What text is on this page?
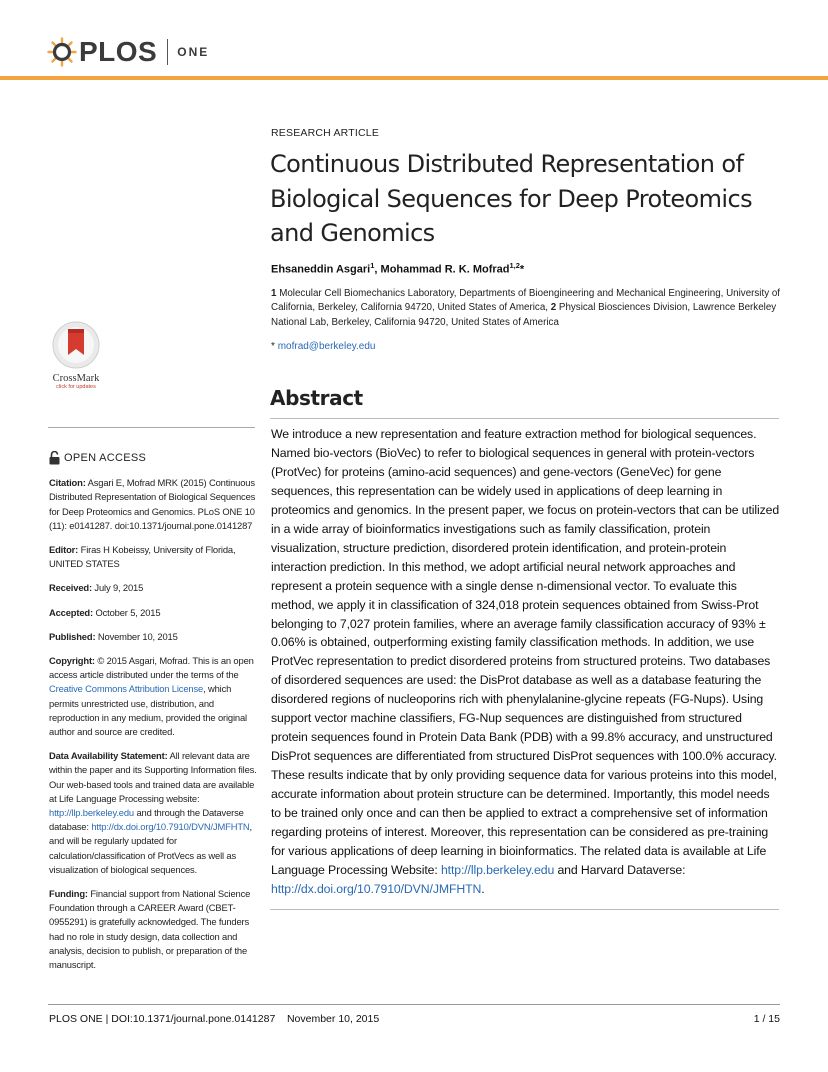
PLOS ONE
CrossMark
click for updates
OPEN ACCESS

Citation: Asgari E, Mofrad MRK (2015) Continuous Distributed Representation of Biological Sequences for Deep Proteomics and Genomics. PLoS ONE 10 (11): e0141287. doi:10.1371/journal.pone.0141287

Editor: Firas H Kobeissy, University of Florida, UNITED STATES

Received: July 9, 2015

Accepted: October 5, 2015

Published: November 10, 2015

Copyright: © 2015 Asgari, Mofrad. This is an open access article distributed under the terms of the Creative Commons Attribution License, which permits unrestricted use, distribution, and reproduction in any medium, provided the original author and source are credited.

Data Availability Statement: All relevant data are within the paper and its Supporting Information files. Our web-based tools and trained data are available at Life Language Processing website: http://llp.berkeley.edu and through the Dataverse database: http://dx.doi.org/10.7910/DVN/JMFHTN, and will be regularly updated for calculation/classification of ProtVecs as well as visualization of biological sequences.

Funding: Financial support from National Science Foundation through a CAREER Award (CBET-0955291) is gratefully acknowledged. The funders had no role in study design, data collection and analysis, decision to publish, or preparation of the manuscript.

RESEARCH ARTICLE
Continuous Distributed Representation of Biological Sequences for Deep Proteomics and Genomics
Ehsaneddin Asgari$^1$, Mohammad R. K. Mofrad$^{1,2}$*
1 Molecular Cell Biomechanics Laboratory, Departments of Bioengineering and Mechanical Engineering, University of California, Berkeley, California 94720, United States of America, 2 Physical Biosciences Division, Lawrence Berkeley National Lab, Berkeley, California 94720, United States of America
* mofrad@berkeley.edu
Abstract
We introduce a new representation and feature extraction method for biological sequences. Named bio-vectors (BioVec) to refer to biological sequences in general with protein-vectors (ProtVec) for proteins (amino-acid sequences) and gene-vectors (GeneVec) for gene sequences, this representation can be widely used in applications of deep learning in proteomics and genomics. In the present paper, we focus on protein-vectors that can be utilized in a wide array of bioinformatics investigations such as family classification, protein visualization, structure prediction, disordered protein identification, and protein-protein interaction prediction. In this method, we adopt artificial neural network approaches and represent a protein sequence with a single dense n-dimensional vector. To evaluate this method, we apply it in classification of 324,018 protein sequences obtained from Swiss-Prot belonging to 7,027 protein families, where an average family classification accuracy of 93% ± 0.06% is obtained, outperforming existing family classification methods. In addition, we use ProtVec representation to predict disordered proteins from structured proteins. Two databases of disordered sequences are used: the DisProt database as well as a database featuring the disordered regions of nucleoporins rich with phenylalanine-glycine repeats (FG-Nups). Using support vector machine classifiers, FG-Nup sequences are distinguished from structured protein sequences found in Protein Data Bank (PDB) with a 99.8% accuracy, and unstructured DisProt sequences are differentiated from structured DisProt sequences with 100.0% accuracy. These results indicate that by only providing sequence data for various proteins into this model, accurate information about protein structure can be determined. Importantly, this model needs to be trained only once and can then be applied to extract a comprehensive set of information regarding proteins of interest. Moreover, this representation can be considered as pre-training for various applications of deep learning in bioinformatics. The related data is available at Life Language Processing Website: http://llp.berkeley.edu and Harvard Dataverse: http://dx.doi.org/10.7910/DVN/JMFHTN.
PLOS ONE | DOI:10.1371/journal.pone.0141287    November 10, 2015	1 / 15
